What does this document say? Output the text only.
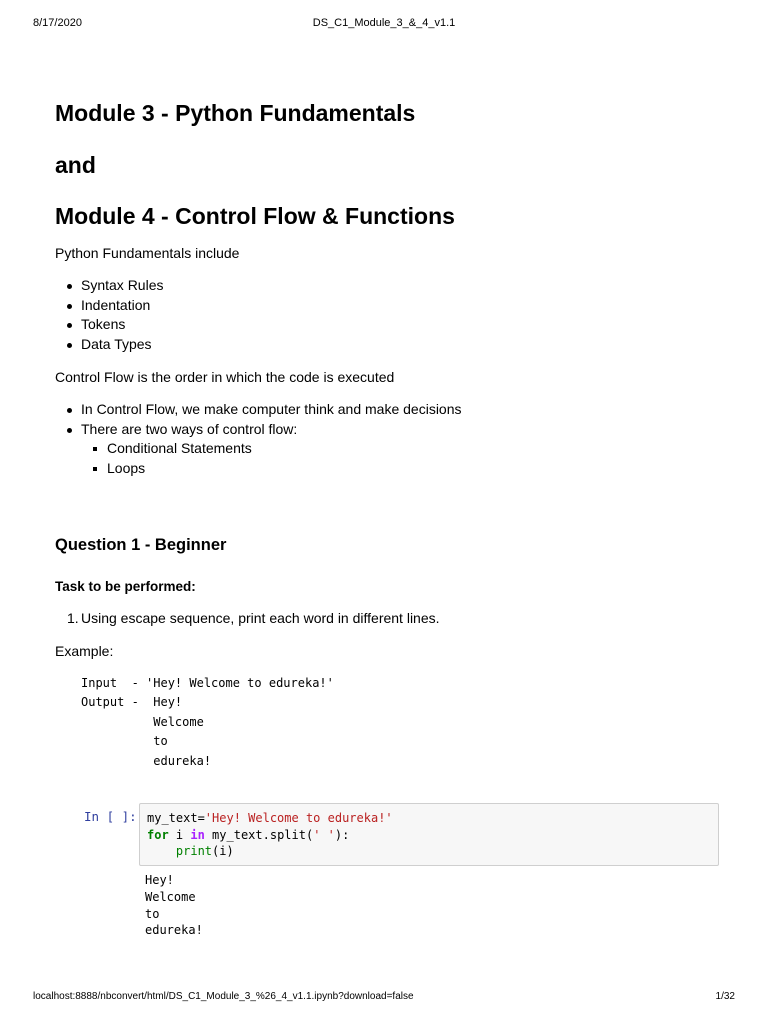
8/17/2020	DS_C1_Module_3_&_4_v1.1
Module 3 - Python Fundamentals
and
Module 4 - Control Flow & Functions
Python Fundamentals include
Syntax Rules
Indentation
Tokens
Data Types
Control Flow is the order in which the code is executed
In Control Flow, we make computer think and make decisions
There are two ways of control flow:
Conditional Statements
Loops
Question 1 - Beginner
Task to be performed:
1. Using escape sequence, print each word in different lines.
Example:
Input  - 'Hey! Welcome to edureka!'
Output -  Hey!
Welcome
to
edureka!
In [ ]: my_text='Hey! Welcome to edureka!'
for i in my_text.split(' '):
print(i)
Hey!
Welcome
to
edureka!
localhost:8888/nbconvert/html/DS_C1_Module_3_%26_4_v1.1.ipynb?download=false	1/32
